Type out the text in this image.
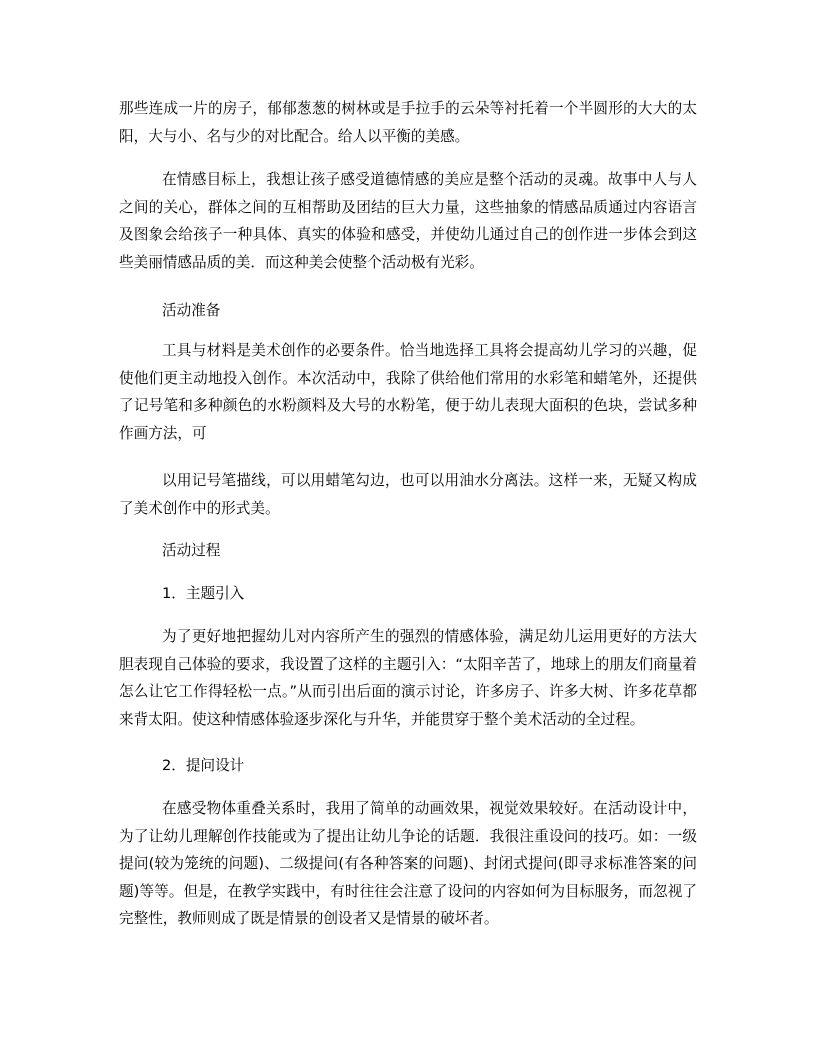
那些连成一片的房子，郁郁葱葱的树林或是手拉手的云朵等衬托着一个半圆形的大大的太阳，大与小、名与少的对比配合。给人以平衡的美感。

在情感目标上，我想让孩子感受道德情感的美应是整个活动的灵魂。故事中人与人之间的关心，群体之间的互相帮助及团结的巨大力量，这些抽象的情感品质通过内容语言及图象会给孩子一种具体、真实的体验和感受，并使幼儿通过自己的创作进一步体会到这些美丽情感品质的美．而这种美会使整个活动极有光彩。

活动准备

工具与材料是美术创作的必要条件。恰当地选择工具将会提高幼儿学习的兴趣，促使他们更主动地投入创作。本次活动中，我除了供给他们常用的水彩笔和蜡笔外，还提供了记号笔和多种颜色的水粉颜料及大号的水粉笔，便于幼儿表现大面积的色块，尝试多种作画方法，可

以用记号笔描线，可以用蜡笔勾边，也可以用油水分离法。这样一来，无疑又构成了美术创作中的形式美。

活动过程

1．主题引入

为了更好地把握幼儿对内容所产生的强烈的情感体验，满足幼儿运用更好的方法大胆表现自己体验的要求，我设置了这样的主题引入：“太阳辛苦了，地球上的朋友们商量着怎么让它工作得轻松一点。”从而引出后面的演示讨论，许多房子、许多大树、许多花草都来背太阳。使这种情感体验逐步深化与升华，并能贯穿于整个美术活动的全过程。

2．提问设计

在感受物体重叠关系时，我用了简单的动画效果，视觉效果较好。在活动设计中，为了让幼儿理解创作技能或为了提出让幼儿争论的话题．我很注重设问的技巧。如：一级提问(较为笼统的问题)、二级提问(有各种答案的问题)、封闭式提问(即寻求标准答案的问题)等等。但是，在教学实践中，有时往往会注意了设问的内容如何为目标服务，而忽视了完整性，教师则成了既是情景的创设者又是情景的破坏者。
